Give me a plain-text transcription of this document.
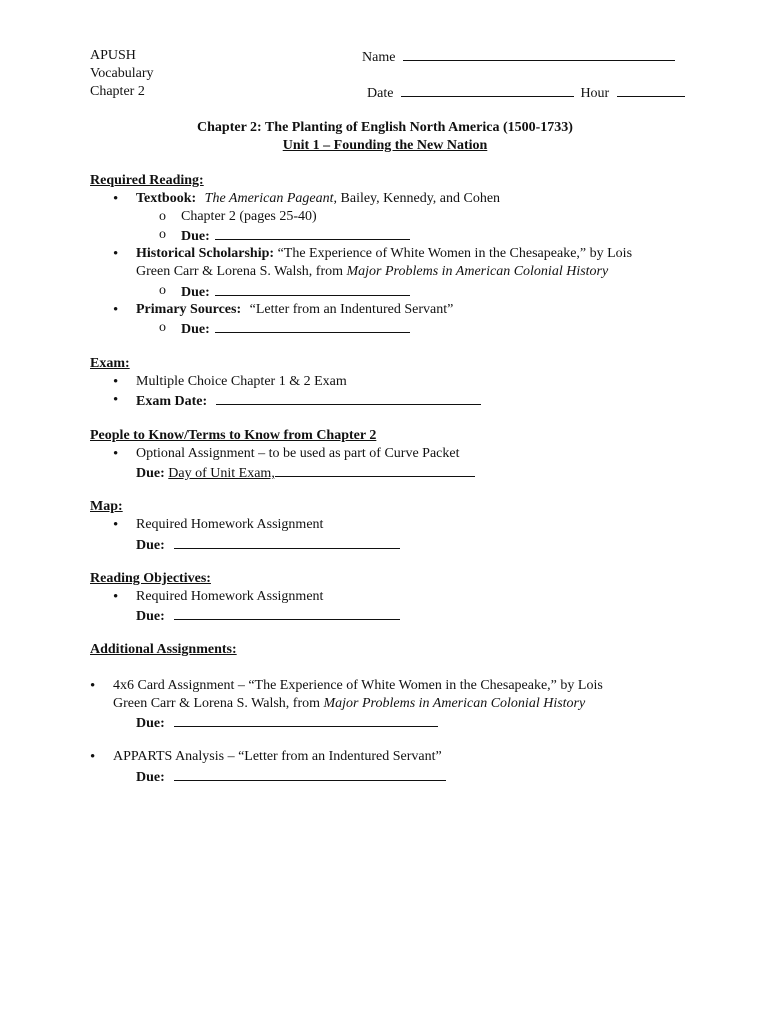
APUSH
Vocabulary
Chapter 2
Name
Date	Hour
Chapter 2: The Planting of English North America (1500-1733)
Unit 1 – Founding the New Nation
Required Reading:
• Textbook: The American Pageant, Bailey, Kennedy, and Cohen
o Chapter 2 (pages 25-40)
o Due:
• Historical Scholarship: “The Experience of White Women in the Chesapeake,” by Lois
Green Carr & Lorena S. Walsh, from Major Problems in American Colonial History
o Due:
• Primary Sources: “Letter from an Indentured Servant”
o Due:
Exam:
• Multiple Choice Chapter 1 & 2 Exam
• Exam Date:
People to Know/Terms to Know from Chapter 2
• Optional Assignment – to be used as part of Curve Packet
Due: Day of Unit Exam,
Map:
• Required Homework Assignment
Due:
Reading Objectives:
• Required Homework Assignment
Due:
Additional Assignments:
• 4x6 Card Assignment – “The Experience of White Women in the Chesapeake,” by Lois
Green Carr & Lorena S. Walsh, from Major Problems in American Colonial History
Due:
• APPARTS Analysis – “Letter from an Indentured Servant”
Due:
